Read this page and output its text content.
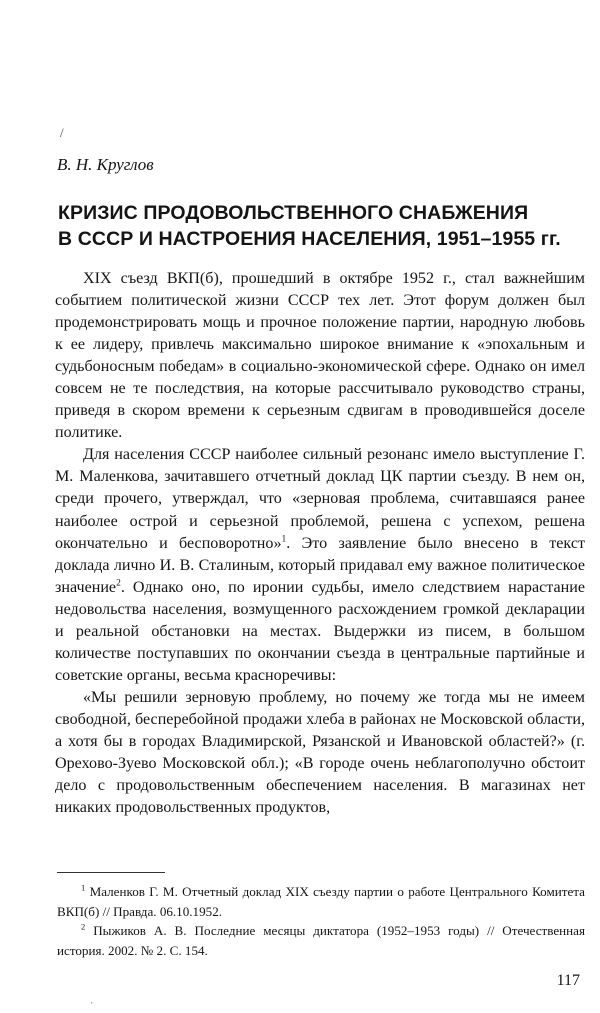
/
ˌ
В. Н. Круглов
КРИЗИС ПРОДОВОЛЬСТВЕННОГО СНАБЖЕНИЯ
В СССР И НАСТРОЕНИЯ НАСЕЛЕНИЯ, 1951–1955 гг.

XIX съезд ВКП(б), прошедший в октябре 1952 г., стал важнейшим событием политической жизни СССР тех лет. Этот форум должен был продемонстрировать мощь и прочное положение партии, народную любовь к ее лидеру, привлечь максимально широкое внимание к «эпохальным и судьбоносным победам» в социально-экономической сфере. Однако он имел совсем не те последствия, на которые рассчитывало руководство страны, приведя в скором времени к серьезным сдвигам в проводившейся доселе политике.

Для населения СССР наиболее сильный резонанс имело выступление Г. М. Маленкова, зачитавшего отчетный доклад ЦК партии съезду. В нем он, среди прочего, утверждал, что «зерновая проблема, считавшаяся ранее наиболее острой и серьезной проблемой, решена с успехом, решена окончательно и бесповоротно»$^1$. Это заявление было внесено в текст доклада лично И. В. Сталиным, который придавал ему важное политическое значение$^2$. Однако оно, по иронии судьбы, имело следствием нарастание недовольства населения, возмущенного расхождением громкой декларации и реальной обстановки на местах. Выдержки из писем, в большом количестве поступавших по окончании съезда в центральные партийные и советские органы, весьма красноречивы:

«Мы решили зерновую проблему, но почему же тогда мы не имеем свободной, бесперебойной продажи хлеба в районах не Московской области, а хотя бы в городах Владимирской, Рязанской и Ивановской областей?» (г. Орехово-Зуево Московской обл.); «В городе очень неблагополучно обстоит дело с продовольственным обеспечением населения. В магазинах нет никаких продовольственных продуктов,

$^1$ Маленков Г. М. Отчетный доклад XIX съезду партии о работе Центрального Комитета ВКП(б) // Правда. 06.10.1952.

$^2$ Пыжиков А. В. Последние месяцы диктатора (1952–1953 годы) // Отечественная история. 2002. № 2. С. 154.

117
